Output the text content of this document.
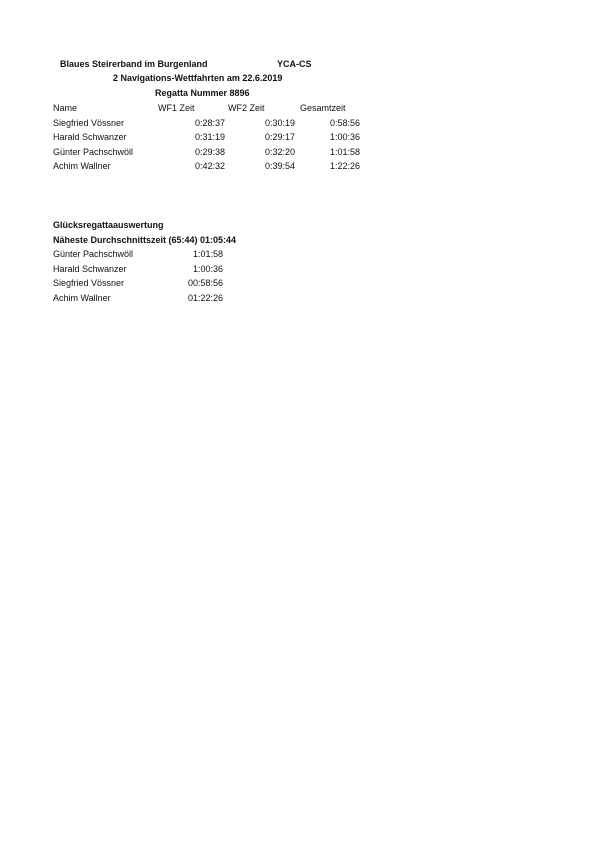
Blaues Steirerband im Burgenland	YCA-CS
2 Navigations-Wettfahrten am 22.6.2019
Regatta Nummer 8896
Name	WF1 Zeit	WF2 Zeit	Gesamtzeit
Siegfried Vössner	0:28:37	0:30:19	0:58:56
Harald Schwanzer	0:31:19	0:29:17	1:00:36
Günter Pachschwöll	0:29:38	0:32:20	1:01:58
Achim Wallner	0:42:32	0:39:54	1:22:26
Glücksregattaauswertung
Näheste Durchschnittszeit (65:44) 01:05:44
Günter Pachschwöll	1:01:58
Harald Schwanzer	1:00:36
Siegfried Vössner	00:58:56
Achim Wallner	01:22:26
